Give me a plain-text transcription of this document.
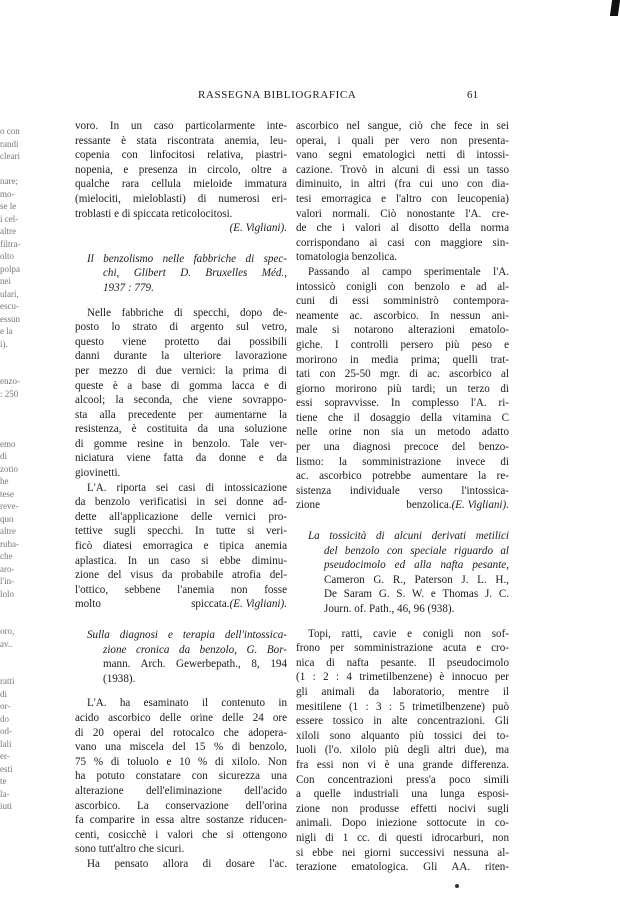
o con
randi
cleari
nare;
mo-
se le
i cel-
altre
filtra-
olto
polpa
nei
ulari,
escu-
essun
e la
i).
enzo-
: 250
emo
di
zotio
he
tese
reve-
quo
altre
ruba-
che
aro-
l'in-
lolo
oro,
av..
ratti
di
or-
do
od-
lali
er-
esti
te
la-
iuti
RASSEGNA BIBLIOGRAFICA	61
voro. In un caso particolarmente inte-
ressante è stata riscontrata anemia, leu-
copenia con linfocitosi relativa, piastri-
nopenia, e presenza in circolo, oltre a
qualche rara cellula mieloide immatura
(mielociti, mieloblasti) di numerosi eri-
troblasti e di spiccata reticolocitosi.
(E. Vigliani).
Il benzolismo nelle fabbriche di spec-
chi, Glibert D. Bruxelles Méd.,
1937 : 779.
Nelle fabbriche di specchi, dopo de-
posto lo strato di argento sul vetro,
questo viene protetto dai possibili
danni durante la ulteriore lavorazione
per mezzo di due vernici: la prima di
queste è a base di gomma lacca e di
alcool; la seconda, che viene sovrappo-
sta alla precedente per aumentarne la
resistenza, è costituita da una soluzione
di gomme resine in benzolo. Tale ver-
niciatura viene fatta da donne e da
giovinetti.
L'A. riporta sei casi di intossicazione
da benzolo verificatisi in sei donne ad-
dette all'applicazione delle vernici pro-
tettive sugli specchi. In tutte si veri-
ficò diatesi emorragica e tipica anemia
aplastica. In un caso si ebbe diminu-
zione del visus da probabile atrofia del-
l'ottico, sebbene l'anemia non fosse
molto spiccata. (E. Vigliani).
Sulla diagnosi e terapia dell'intossica-
zione cronica da benzolo, G. Bor-
mann. Arch. Gewerbepath., 8, 194
(1938).
L'A. ha esaminato il contenuto in
acido ascorbico delle orine delle 24 ore
di 20 operai del rotocalco che adopera-
vano una miscela del 15 % di benzolo,
75 % di toluolo e 10 % di xilolo. Non
ha potuto constatare con sicurezza una
alterazione dell'eliminazione dell'acido
ascorbico. La conservazione dell'orina
fa comparire in essa altre sostanze riducen-
centi, cosicchè i valori che si ottengono
sono tutt'altro che sicuri.
Ha pensato allora di dosare l'ac.
ascorbico nel sangue, ciò che fece in sei
operai, i quali per vero non presenta-
vano segni ematologici netti di intossi-
cazione. Trovò in alcuni di essi un tasso
diminuito, in altri (fra cui uno con dia-
tesi emorragica e l'altro con leucopenia)
valori normali. Ciò nonostante l'A. cre-
de che i valori al disotto della norma
corrispondano ai casi con maggiore sin-
tomatologia benzolica.
Passando al campo sperimentale l'A.
intossicò conigli con benzolo e ad al-
cuni di essi somministrò contempora-
neamente ac. ascorbico. In nessun ani-
male si notarono alterazioni ematolo-
giche. I controlli persero più peso e
morirono in media prima; quelli trat-
tati con 25-50 mgr. di ac. ascorbico al
giorno morirono più tardi; un terzo di
essi sopravvisse. In complesso l'A. ri-
tiene che il dosaggio della vitamina C
nelle orine non sia un metodo adatto
per una diagnosi precoce del benzo-
lismo: la somministrazione invece di
ac. ascorbico potrebbe aumentare la re-
sistenza individuale verso l'intossica-
zione benzolica. (E. Vigliani).
La tossicità di alcuni derivati metilici
del benzolo con speciale riguardo al
pseudocimolo ed alla nafta pesante,
Cameron G. R., Paterson J. L. H.,
De Saram G. S. W. e Thomas J. C.
Journ. of. Path., 46, 96 (938).
Topi, ratti, cavie e conigli non sof-
frono per somministrazione acuta e cro-
nica di nafta pesante. Il pseudocimolo
(1 : 2 : 4 trimetilbenzene) è innocuo per
gli animali da laboratorio, mentre il
mesitilene (1 : 3 : 5 trimetilbenzene) può
essere tossico in alte concentrazioni. Gli
xiloli sono alquanto più tossici dei to-
luoli (l'o. xilolo più degli altri due), ma
fra essi non vi è una grande differenza.
Con concentrazioni press'a poco simili
a quelle industriali una lunga esposi-
zione non produsse effetti nocivi sugli
animali. Dopo iniezione sottocute in co-
nigli di 1 cc. di questi idrocarburi, non
si ebbe nei giorni successivi nessuna al-
terazione ematologica. Gli AA. riten-
